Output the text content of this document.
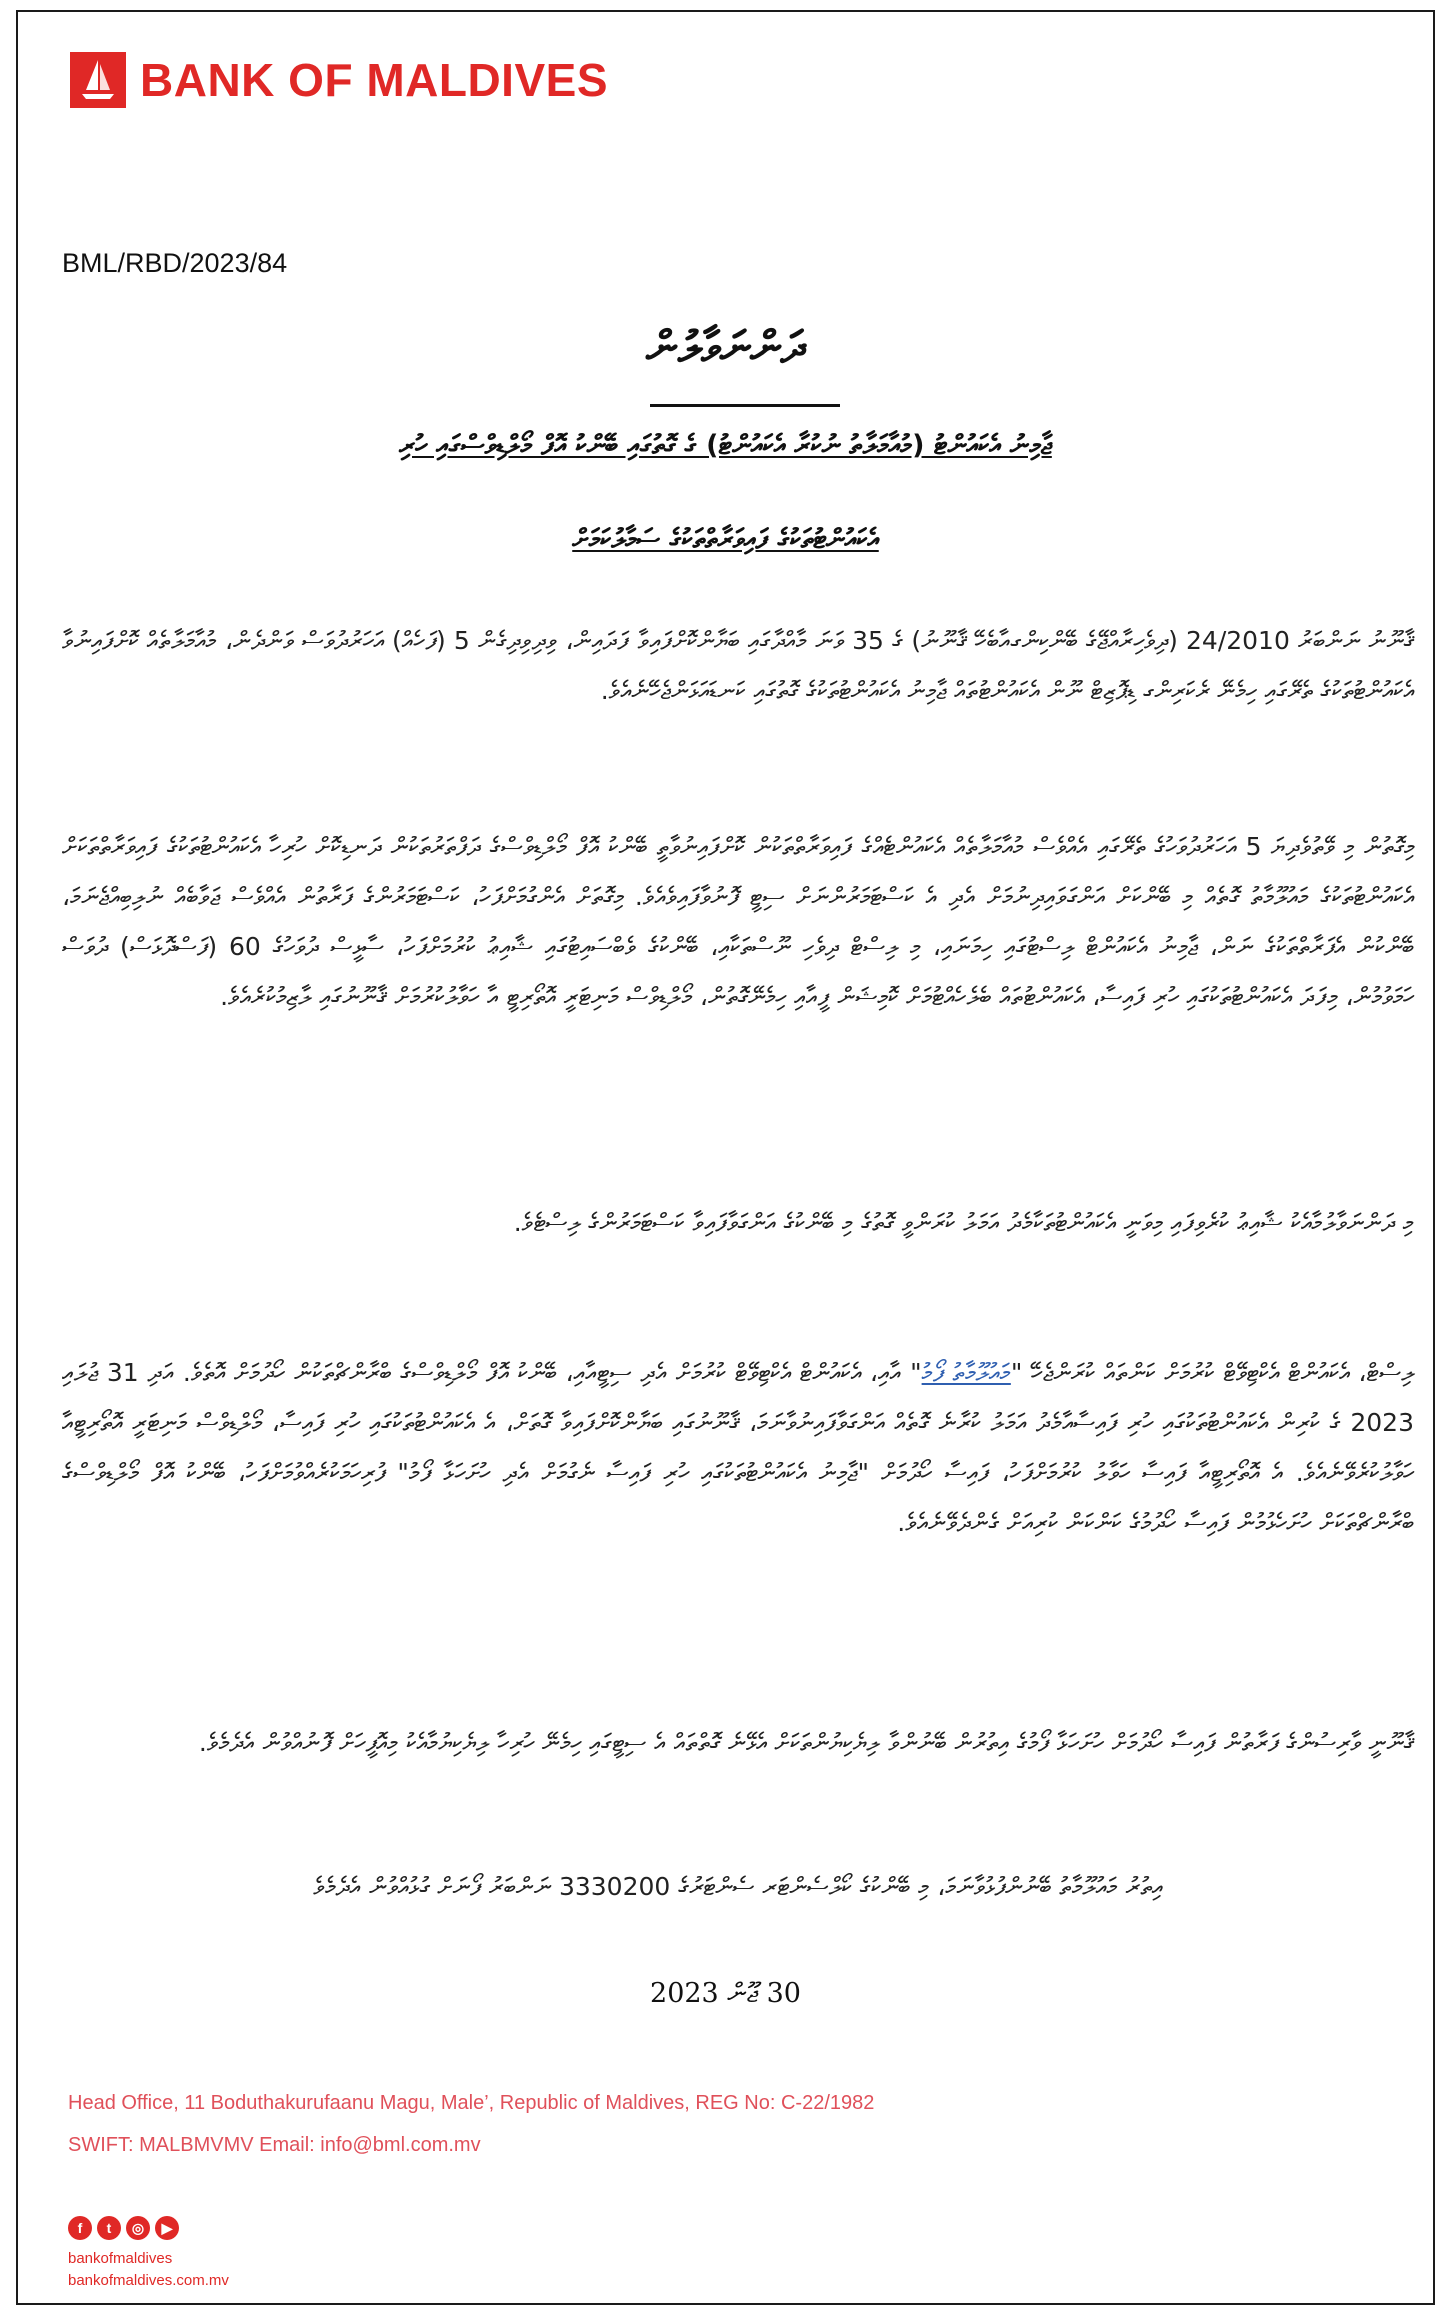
BANK OF MALDIVES
BML/RBD/2023/84
ދަންނަވާލުން
ޖާމިނު އެކައުންޓު (މުއާމަލާތު ނުކުރާ އެކައުންޓު) ގެ ގޮތުގައި ބޭންކު އޮފް މޯލްޑިވްސްގައި ހުރި
އެކައުންޓުތަކުގެ ފައިވަރާތްތަކުގެ ސަމާލުކަމަށް
ޤާނޫނު ނަންބަރު 24/2010 (ދިވެހިރާއްޖޭގެ ބޭންކިންގއާބެހޭ ޤާނޫނު) ގެ 35 ވަނަ މާއްދާގައި ބަޔާންކޮށްފައިވާ ފަދައިން، ވިދިވިދިގެން 5 (ފަހެއް) އަހަރުދުވަސް ވަންދެން، މުއާމަލާތެއް ކޮށްފައިނުވާ އެކައުންޓުތަކުގެ ތެރޭގައި ހިމެނޭ ރެކަރިންގ ޑިޕޮޒިޓް ނޫން އެކައުންޓުތައް ޖާމިނު އެކައުންޓުތަކުގެ ގޮތުގައި ކަނޑައަޅަންޖެހޭނެއެވެ.
މިގޮތުން މި ވޭތުވެދިޔަ 5 އަހަރުދުވަހުގެ ތެރޭގައި އެއްވެސް މުއާމަލާތެއް އެކައުންޓެއްގެ ފައިވަރާތްތަކުން ކޮށްފައިނުވާތީ ބޭންކު އޮފް މޯލްޑިވްސްގެ ދަފްތަރުތަކުން ދަނޑިކޮށް ހުރިހާ އެކައުންޓުތަކުގެ ފައިވަރާތްތަކަށް އެކައުންޓުތަކުގެ މައުލޫމާތު ގޮތެއް މި ބޭންކަށް އަންގަވައިދިނުމަށް އެދި އެ ކަސްޓަމަރުންނަށް ސިޓީ ފޮނުވާފައިވެއެވެ. މިގޮތަށް އެންގުމަށްފަހު، ކަސްޓަމަރުންގެ ފަރާތުން އެއްވެސް ޖަވާބެއް ނުލިބިއްޖެނަމަ، ބޭންކުން އެފަރާތްތަކުގެ ނަން، ޖާމިނު އެކައުންޓް ލިސްޓުގައި ހިމަނައި، މި ލިސްޓް ދިވެހި ނޫސްތަކާއި، ބޭންކުގެ ވެބްސައިޓުގައި ޝާއިޢު ކުރުމަށްފަހު، ސާޅީސް ދުވަހުގެ 60 (ފަސްދޮޅަސް) ދުވަސް ހަމަވުމުން، މިފަދަ އެކައުންޓުތަކުގައި ހުރި ފައިސާ، އެކައުންޓުތައް ބެލެހެއްޓުމަށް ކޮމިޝަން ފީއާއި ހިމެނޭގޮތުން، މޯލްޑިވްސް މަނިޓަރީ އޮތޯރިޓީ އާ ހަވާލުކުރުމަށް ޤާނޫނުގައި ލާޒިމުކުރެއެވެ.
މި ދަންނަވާލުމާއެކު ޝާއިޢު ކުރެވިފައި މިވަނީ އެކައުންޓުތަކާމެދު އަމަލު ކުރަންވީ ގޮތުގެ މި ބޭންކުގެ އަންގަވާފައިވާ ކަސްޓަމަރުންގެ ލިސްޓެވެ.
ލިސްޓް، އެކައުންޓް އެކްޓިވޭޓް ކުރުމަށް ކަންތައް ކުރަންޖެހޭ "މައުލޫމާތު ފޯމު" އާއި، އެކައުންޓް އެކްޓިވޭޓް ކުރުމަށް އެދި ސިޓީއާއި، ބޭންކު އޮފް މޯލްޑިވްސްގެ ބްރާންޗްތަކުން ހޯދުމަށް އޮތެވެ. އަދި 31 ޖުލައި 2023 ގެ ކުރިން އެކައުންޓުތަކުގައި ހުރި ފައިސާއާމެދު އަމަލު ކުރާނެ ގޮތެއް އަންގަވާފައިނުވާނަމަ، ޤާނޫނުގައި ބަޔާންކޮށްފައިވާ ގޮތަށް، އެ އެކައުންޓުތަކުގައި ހުރި ފައިސާ، މޯލްޑިވްސް މަނިޓަރީ އޮތޯރިޓީއާ ހަވާލުކުރެވޭނެއެވެ. އެ އޮތޯރިޓީއާ ފައިސާ ހަވާލު ކުރުމަށްފަހު، ފައިސާ ހޯދުމަށް "ޖާމިނު އެކައުންޓުތަކުގައި ހުރި ފައިސާ ނެގުމަށް އެދި ހުށަހަޅާ ފޯމު" ފުރިހަމަކުރެއްވުމަށްފަހު، ބޭންކު އޮފް މޯލްޑިވްސްގެ ބްރާންޗްތަކަށް ހުށަހެޅުމުން ފައިސާ ހޯދުމުގެ ކަންކަން ކުރިއަށް ގެންދެވޭނެއެވެ.
ޤާނޫނީ ވާރިސުންގެ ފަރާތުން ފައިސާ ހޯދުމަށް ހުށަހަޅާ ފޯމުގެ އިތުރުން ބޭނުންވާ ލިޔެކިޔުންތަކަށް އެޅޭނެ ގޮތްތައް އެ ސިޓީގައި ހިމެނޭ ހުރިހާ ލިޔެކިޔުމާއެކު މިއޮފީހަށް ފޮނުއްވުން އެދެމެވެ.
އިތުރު މައުލޫމާތު ބޭނުންފުޅުވާނަމަ، މި ބޭންކުގެ ކޯލްސެންޓަރ ސެންޓަރުގެ 3330200 ނަންބަރު ފޯނަށް ގުޅުއްވުން އެދެމެވެ
30 ޖޫން 2023
Head Office, 11 Boduthakurufaanu Magu, Male’, Republic of Maldives, REG No: C-22/1982
SWIFT: MALBMVMV Email: info@bml.com.mv
f	t	◎	▶
bankofmaldives
bankofmaldives.com.mv
